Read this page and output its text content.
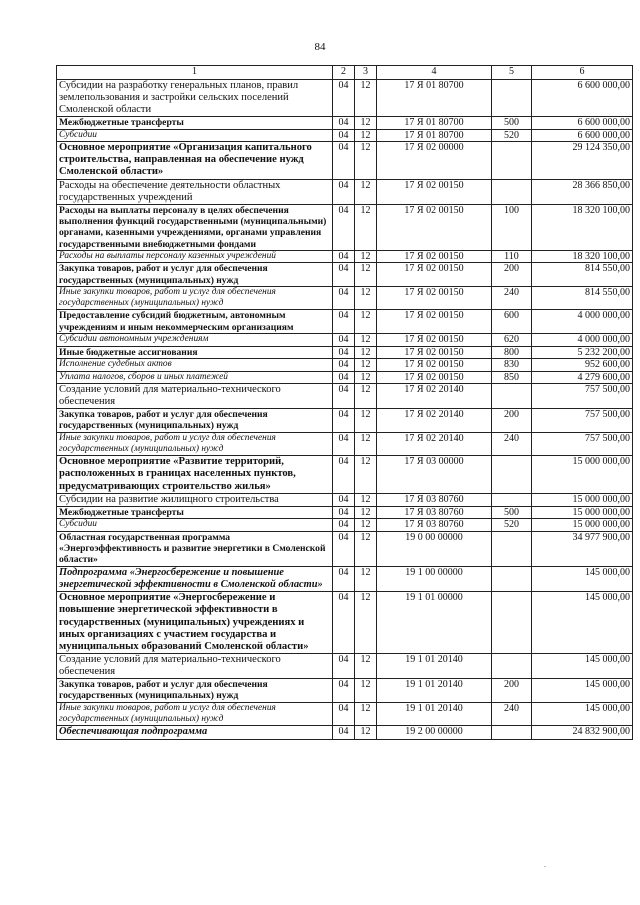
84
1	2	3	4	5	6
Субсидии на разработку генеральных планов, правил землепользования и застройки сельских поселений Смоленской области	04	12	17 Я 01 80700		6 600 000,00
Межбюджетные трансферты	04	12	17 Я 01 80700	500	6 600 000,00
Субсидии	04	12	17 Я 01 80700	520	6 600 000,00
Основное мероприятие «Организация капитального строительства, направленная на обеспечение нужд Смоленской области»	04	12	17 Я 02 00000		29 124 350,00
Расходы на обеспечение деятельности областных государственных учреждений	04	12	17 Я 02 00150		28 366 850,00
Расходы на выплаты персоналу в целях обеспечения выполнения функций государственными (муниципальными) органами, казенными учреждениями, органами управления государственными внебюджетными фондами	04	12	17 Я 02 00150	100	18 320 100,00
Расходы на выплаты персоналу казенных учреждений	04	12	17 Я 02 00150	110	18 320 100,00
Закупка товаров, работ и услуг для обеспечения государственных (муниципальных) нужд	04	12	17 Я 02 00150	200	814 550,00
Иные закупки товаров, работ и услуг для обеспечения государственных (муниципальных) нужд	04	12	17 Я 02 00150	240	814 550,00
Предоставление субсидий бюджетным, автономным учреждениям и иным некоммерческим организациям	04	12	17 Я 02 00150	600	4 000 000,00
Субсидии автономным учреждениям	04	12	17 Я 02 00150	620	4 000 000,00
Иные бюджетные ассигнования	04	12	17 Я 02 00150	800	5 232 200,00
Исполнение судебных актов	04	12	17 Я 02 00150	830	952 600,00
Уплата налогов, сборов и иных платежей	04	12	17 Я 02 00150	850	4 279 600,00
Создание условий для материально-технического обеспечения	04	12	17 Я 02 20140		757 500,00
Закупка товаров, работ и услуг для обеспечения государственных (муниципальных) нужд	04	12	17 Я 02 20140	200	757 500,00
Иные закупки товаров, работ и услуг для обеспечения государственных (муниципальных) нужд	04	12	17 Я 02 20140	240	757 500,00
Основное мероприятие «Развитие территорий, расположенных в границах населенных пунктов, предусматривающих строительство жилья»	04	12	17 Я 03 00000		15 000 000,00
Субсидии на развитие жилищного строительства	04	12	17 Я 03 80760		15 000 000,00
Межбюджетные трансферты	04	12	17 Я 03 80760	500	15 000 000,00
Субсидии	04	12	17 Я 03 80760	520	15 000 000,00
Областная государственная программа «Энергоэффективность и развитие энергетики в Смоленской области»	04	12	19 0 00 00000		34 977 900,00
Подпрограмма «Энергосбережение и повышение энергетической эффективности в Смоленской области»	04	12	19 1 00 00000		145 000,00
Основное мероприятие «Энергосбережение и повышение энергетической эффективности в государственных (муниципальных) учреждениях и иных организациях с участием государства и муниципальных образований Смоленской области»	04	12	19 1 01 00000		145 000,00
Создание условий для материально-технического обеспечения	04	12	19 1 01 20140		145 000,00
Закупка товаров, работ и услуг для обеспечения государственных (муниципальных) нужд	04	12	19 1 01 20140	200	145 000,00
Иные закупки товаров, работ и услуг для обеспечения государственных (муниципальных) нужд	04	12	19 1 01 20140	240	145 000,00
Обеспечивающая подпрограмма	04	12	19 2 00 00000		24 832 900,00
.
